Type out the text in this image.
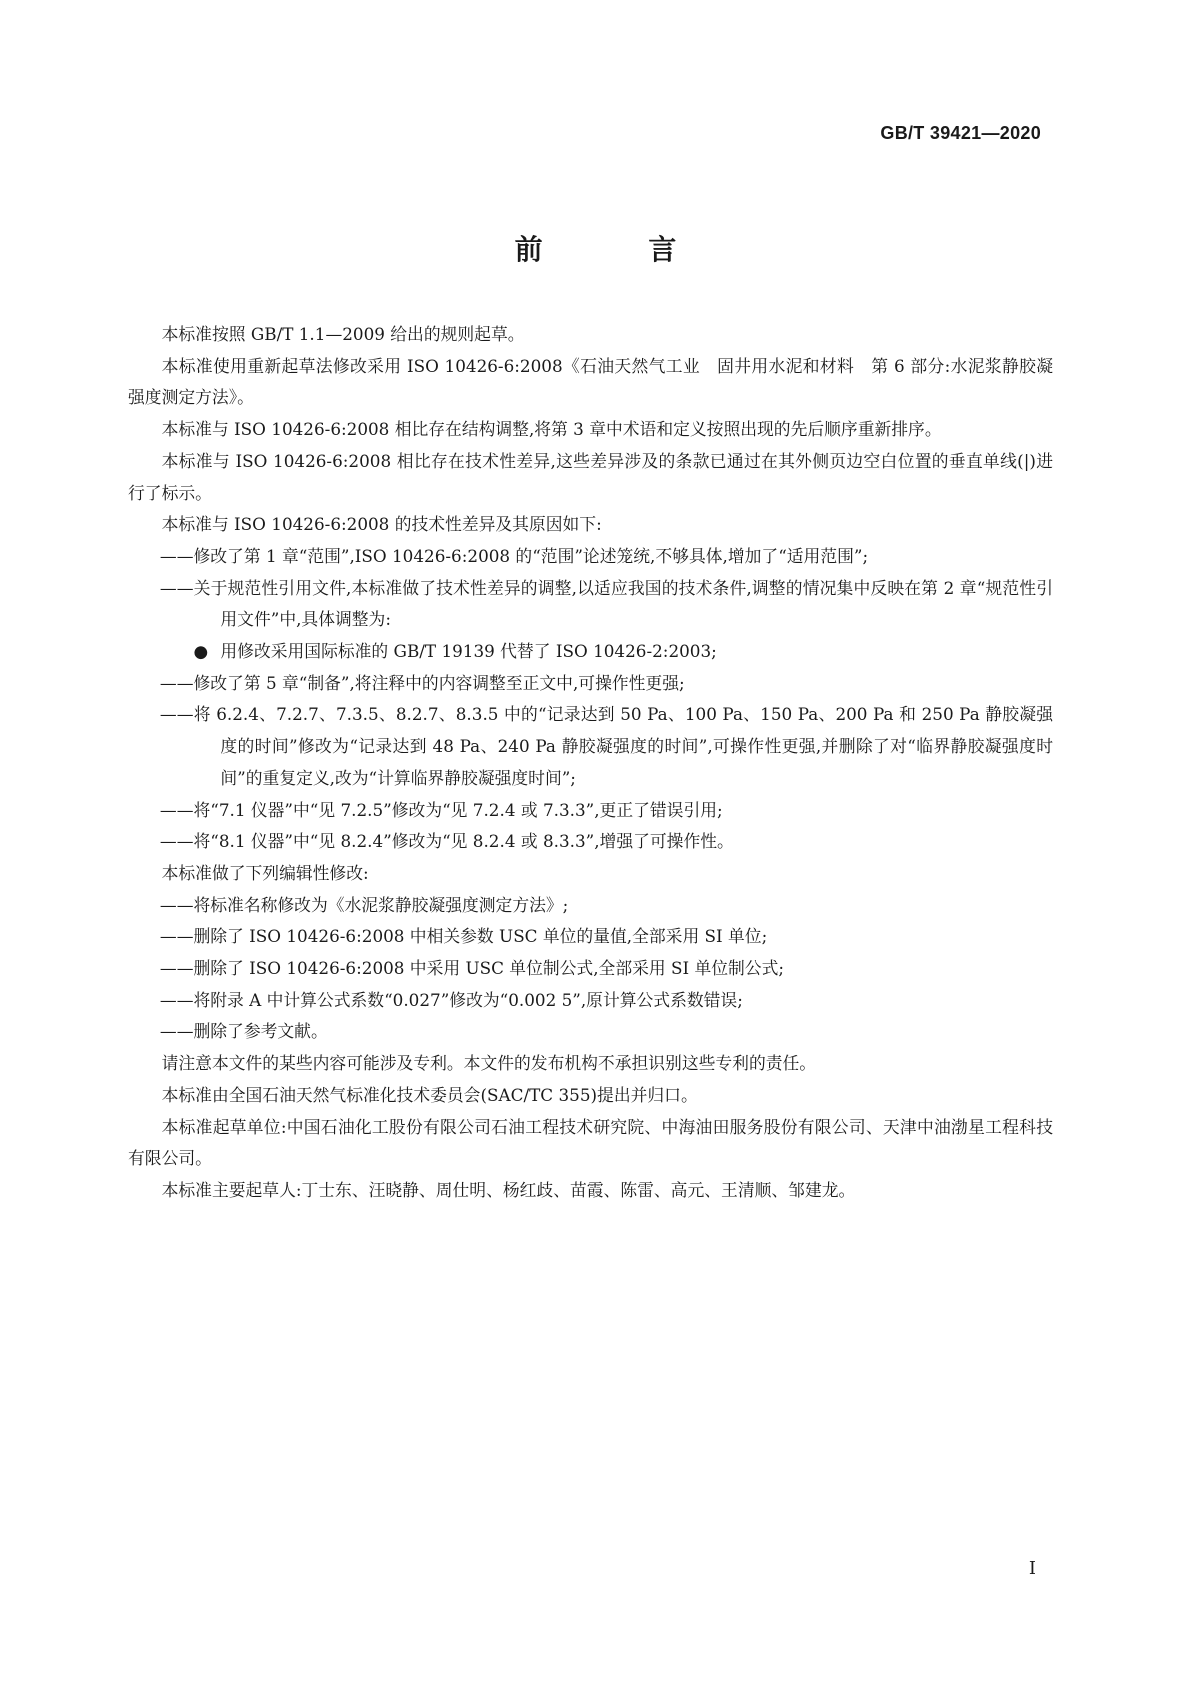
GB/T 39421—2020
前 言

本标准按照 GB/T 1.1—2009 给出的规则起草。

本标准使用重新起草法修改采用 ISO 10426-6:2008《石油天然气工业　固井用水泥和材料　第 6 部分:水泥浆静胶凝强度测定方法》。

本标准与 ISO 10426-6:2008 相比存在结构调整,将第 3 章中术语和定义按照出现的先后顺序重新排序。

本标准与 ISO 10426-6:2008 相比存在技术性差异,这些差异涉及的条款已通过在其外侧页边空白位置的垂直单线(|)进行了标示。

本标准与 ISO 10426-6:2008 的技术性差异及其原因如下:

——修改了第 1 章“范围”,ISO 10426-6:2008 的“范围”论述笼统,不够具体,增加了“适用范围”;

——关于规范性引用文件,本标准做了技术性差异的调整,以适应我国的技术条件,调整的情况集中反映在第 2 章“规范性引用文件”中,具体调整为:

● 用修改采用国际标准的 GB/T 19139 代替了 ISO 10426-2:2003;

——修改了第 5 章“制备”,将注释中的内容调整至正文中,可操作性更强;

——将 6.2.4、7.2.7、7.3.5、8.2.7、8.3.5 中的“记录达到 50 Pa、100 Pa、150 Pa、200 Pa 和 250 Pa 静胶凝强度的时间”修改为“记录达到 48 Pa、240 Pa 静胶凝强度的时间”,可操作性更强,并删除了对“临界静胶凝强度时间”的重复定义,改为“计算临界静胶凝强度时间”;

——将“7.1 仪器”中“见 7.2.5”修改为“见 7.2.4 或 7.3.3”,更正了错误引用;

——将“8.1 仪器”中“见 8.2.4”修改为“见 8.2.4 或 8.3.3”,增强了可操作性。

本标准做了下列编辑性修改:

——将标准名称修改为《水泥浆静胶凝强度测定方法》;

——删除了 ISO 10426-6:2008 中相关参数 USC 单位的量值,全部采用 SI 单位;

——删除了 ISO 10426-6:2008 中采用 USC 单位制公式,全部采用 SI 单位制公式;

——将附录 A 中计算公式系数“0.027”修改为“0.002 5”,原计算公式系数错误;

——删除了参考文献。

请注意本文件的某些内容可能涉及专利。本文件的发布机构不承担识别这些专利的责任。

本标准由全国石油天然气标准化技术委员会(SAC/TC 355)提出并归口。

本标准起草单位:中国石油化工股份有限公司石油工程技术研究院、中海油田服务股份有限公司、天津中油渤星工程科技有限公司。

本标准主要起草人:丁士东、汪晓静、周仕明、杨红歧、苗霞、陈雷、高元、王清顺、邹建龙。

I
